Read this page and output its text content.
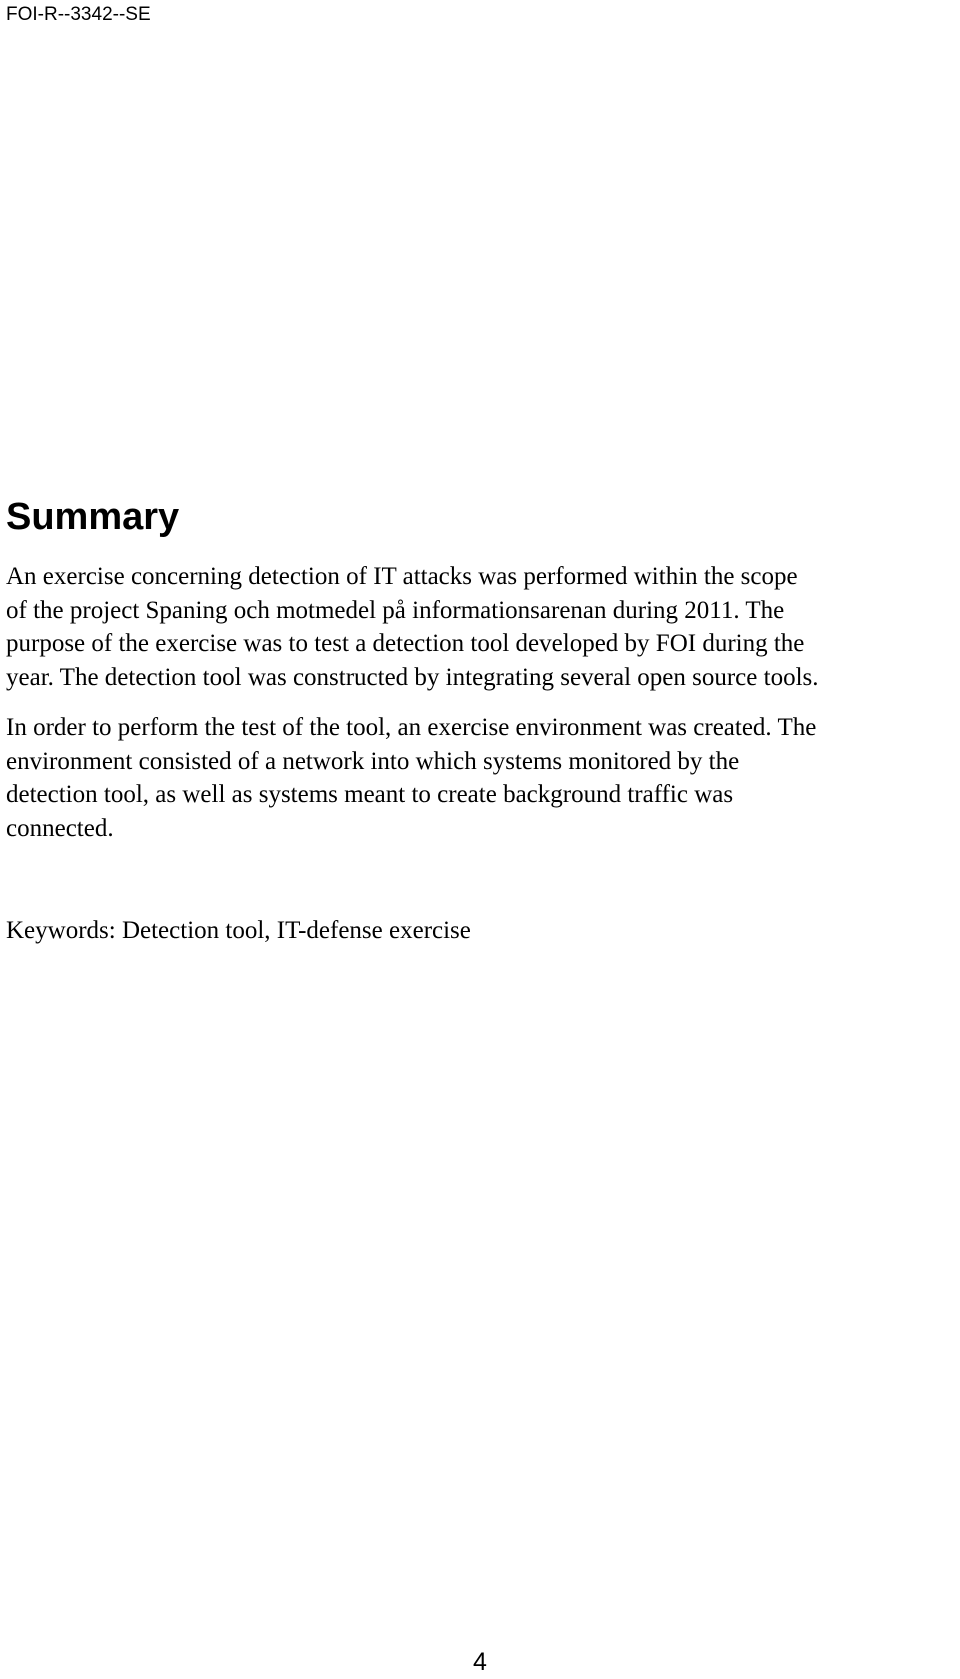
FOI-R--3342--SE
Summary

An exercise concerning detection of IT attacks was performed within the scope
of the project Spaning och motmedel på informationsarenan during 2011. The
purpose of the exercise was to test a detection tool developed by FOI during the
year. The detection tool was constructed by integrating several open source tools.

In order to perform the test of the tool, an exercise environment was created. The
environment consisted of a network into which systems monitored by the
detection tool, as well as systems meant to create background traffic was
connected.

Keywords: Detection tool, IT-defense exercise

4
